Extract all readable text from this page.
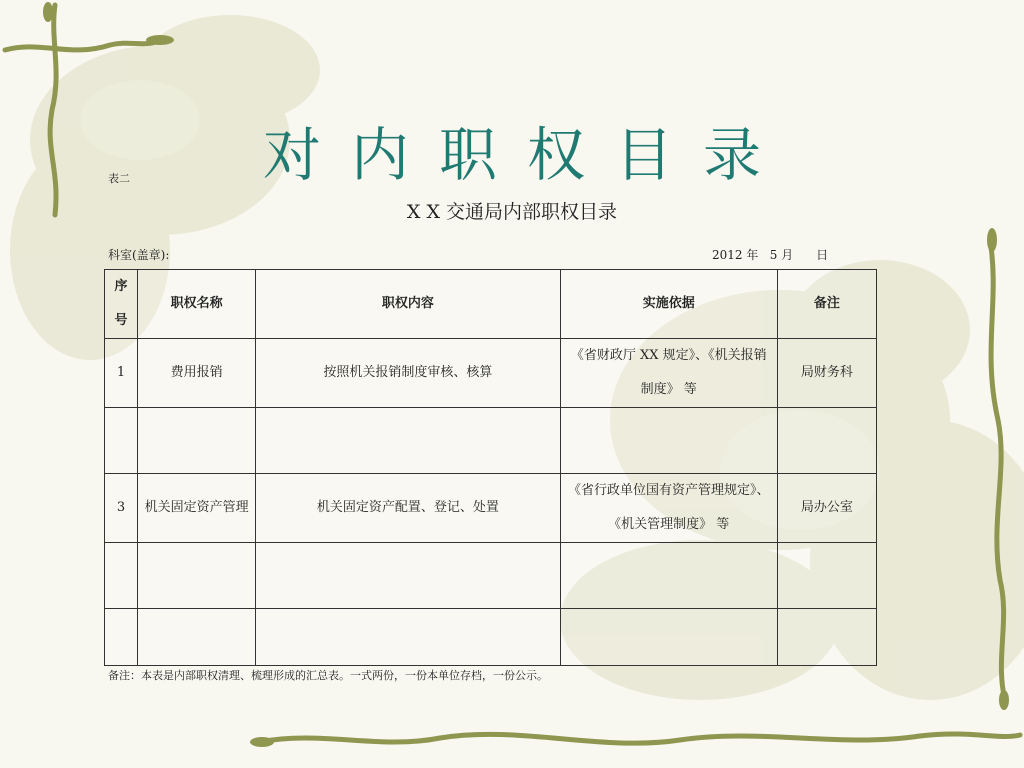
对内职权目录
表二
X X 交通局内部职权目录
科室(盖章):	2012 年   5 月      日
序号	职权名称	职权内容	实施依据	备注
1	费用报销	按照机关报销制度审核、核算	《省财政厅 XX 规定》、《机关报销制度》 等	局财务科

3	机关固定资产管理	机关固定资产配置、登记、处置	《省行政单位国有资产管理规定》、《机关管理制度》 等	局办公室

备注：本表是内部职权清理、梳理形成的汇总表。一式两份，一份本单位存档，一份公示。
